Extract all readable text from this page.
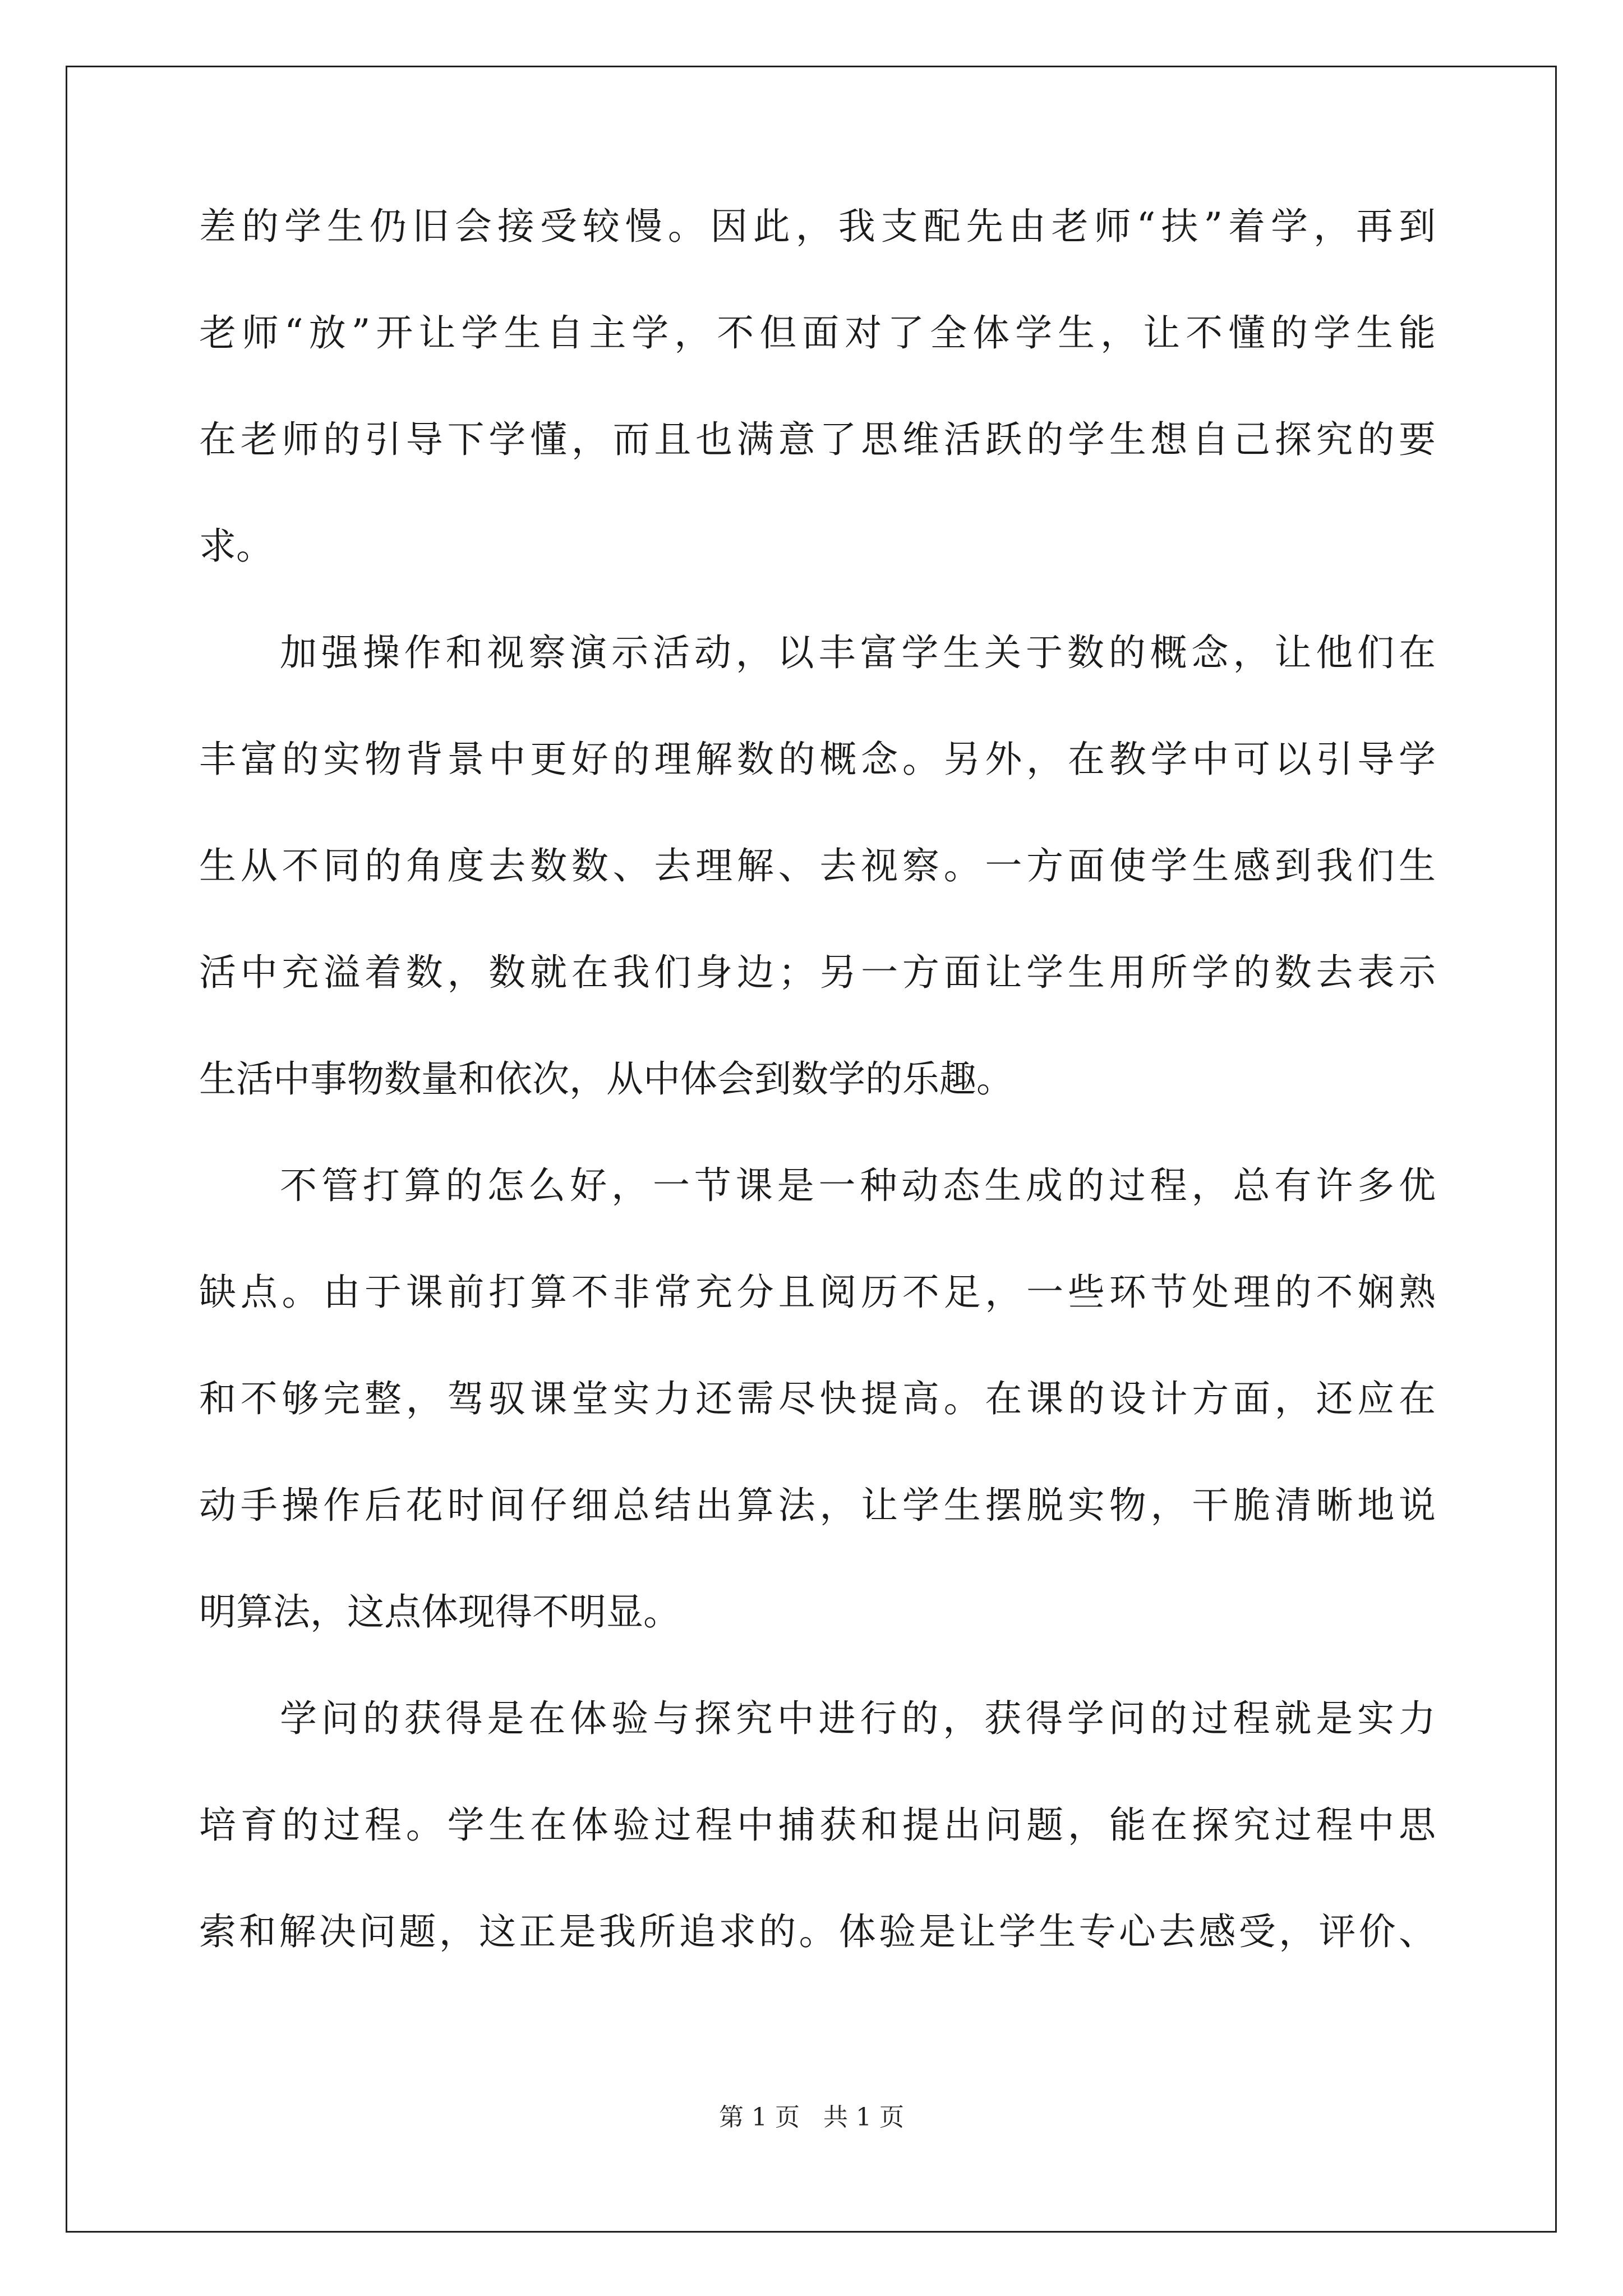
差的学生仍旧会接受较慢。因此，我支配先由老师“扶”着学，再到
老师“放”开让学生自主学，不但面对了全体学生，让不懂的学生能
在老师的引导下学懂，而且也满意了思维活跃的学生想自己探究的要
求。
加强操作和视察演示活动，以丰富学生关于数的概念，让他们在
丰富的实物背景中更好的理解数的概念。另外，在教学中可以引导学
生从不同的角度去数数、去理解、去视察。一方面使学生感到我们生
活中充溢着数，数就在我们身边；另一方面让学生用所学的数去表示
生活中事物数量和依次，从中体会到数学的乐趣。
不管打算的怎么好，一节课是一种动态生成的过程，总有许多优
缺点。由于课前打算不非常充分且阅历不足，一些环节处理的不娴熟
和不够完整，驾驭课堂实力还需尽快提高。在课的设计方面，还应在
动手操作后花时间仔细总结出算法，让学生摆脱实物，干脆清晰地说
明算法，这点体现得不明显。
学问的获得是在体验与探究中进行的，获得学问的过程就是实力
培育的过程。学生在体验过程中捕获和提出问题，能在探究过程中思
索和解决问题，这正是我所追求的。体验是让学生专心去感受，评价、
第 1 页 共 1 页
